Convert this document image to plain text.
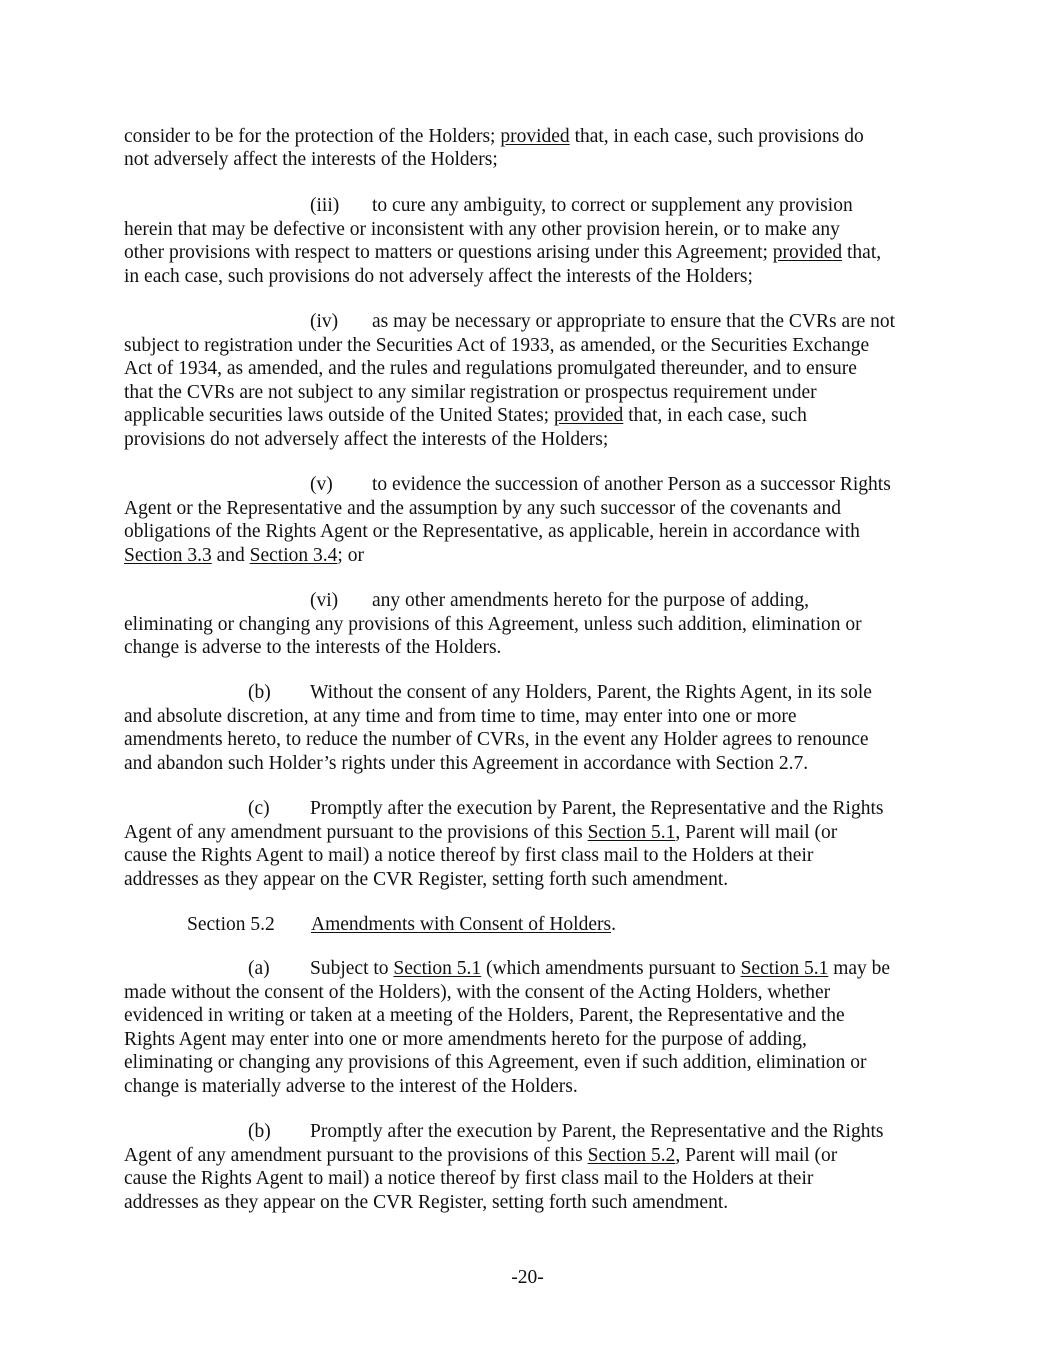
consider to be for the protection of the Holders; provided that, in each case, such provisions do

not adversely affect the interests of the Holders;

(iii) to cure any ambiguity, to correct or supplement any provision

herein that may be defective or inconsistent with any other provision herein, or to make any

other provisions with respect to matters or questions arising under this Agreement; provided that,

in each case, such provisions do not adversely affect the interests of the Holders;

(iv) as may be necessary or appropriate to ensure that the CVRs are not

subject to registration under the Securities Act of 1933, as amended, or the Securities Exchange

Act of 1934, as amended, and the rules and regulations promulgated thereunder, and to ensure

that the CVRs are not subject to any similar registration or prospectus requirement under

applicable securities laws outside of the United States; provided that, in each case, such

provisions do not adversely affect the interests of the Holders;

(v) to evidence the succession of another Person as a successor Rights

Agent or the Representative and the assumption by any such successor of the covenants and

obligations of the Rights Agent or the Representative, as applicable, herein in accordance with

Section 3.3 and Section 3.4; or

(vi) any other amendments hereto for the purpose of adding,

eliminating or changing any provisions of this Agreement, unless such addition, elimination or

change is adverse to the interests of the Holders.

(b) Without the consent of any Holders, Parent, the Rights Agent, in its sole

and absolute discretion, at any time and from time to time, may enter into one or more

amendments hereto, to reduce the number of CVRs, in the event any Holder agrees to renounce

and abandon such Holder’s rights under this Agreement in accordance with Section 2.7.

(c) Promptly after the execution by Parent, the Representative and the Rights

Agent of any amendment pursuant to the provisions of this Section 5.1, Parent will mail (or

cause the Rights Agent to mail) a notice thereof by first class mail to the Holders at their

addresses as they appear on the CVR Register, setting forth such amendment.

Section 5.2 Amendments with Consent of Holders.

(a) Subject to Section 5.1 (which amendments pursuant to Section 5.1 may be

made without the consent of the Holders), with the consent of the Acting Holders, whether

evidenced in writing or taken at a meeting of the Holders, Parent, the Representative and the

Rights Agent may enter into one or more amendments hereto for the purpose of adding,

eliminating or changing any provisions of this Agreement, even if such addition, elimination or

change is materially adverse to the interest of the Holders.

(b) Promptly after the execution by Parent, the Representative and the Rights

Agent of any amendment pursuant to the provisions of this Section 5.2, Parent will mail (or

cause the Rights Agent to mail) a notice thereof by first class mail to the Holders at their

addresses as they appear on the CVR Register, setting forth such amendment.

-20-
